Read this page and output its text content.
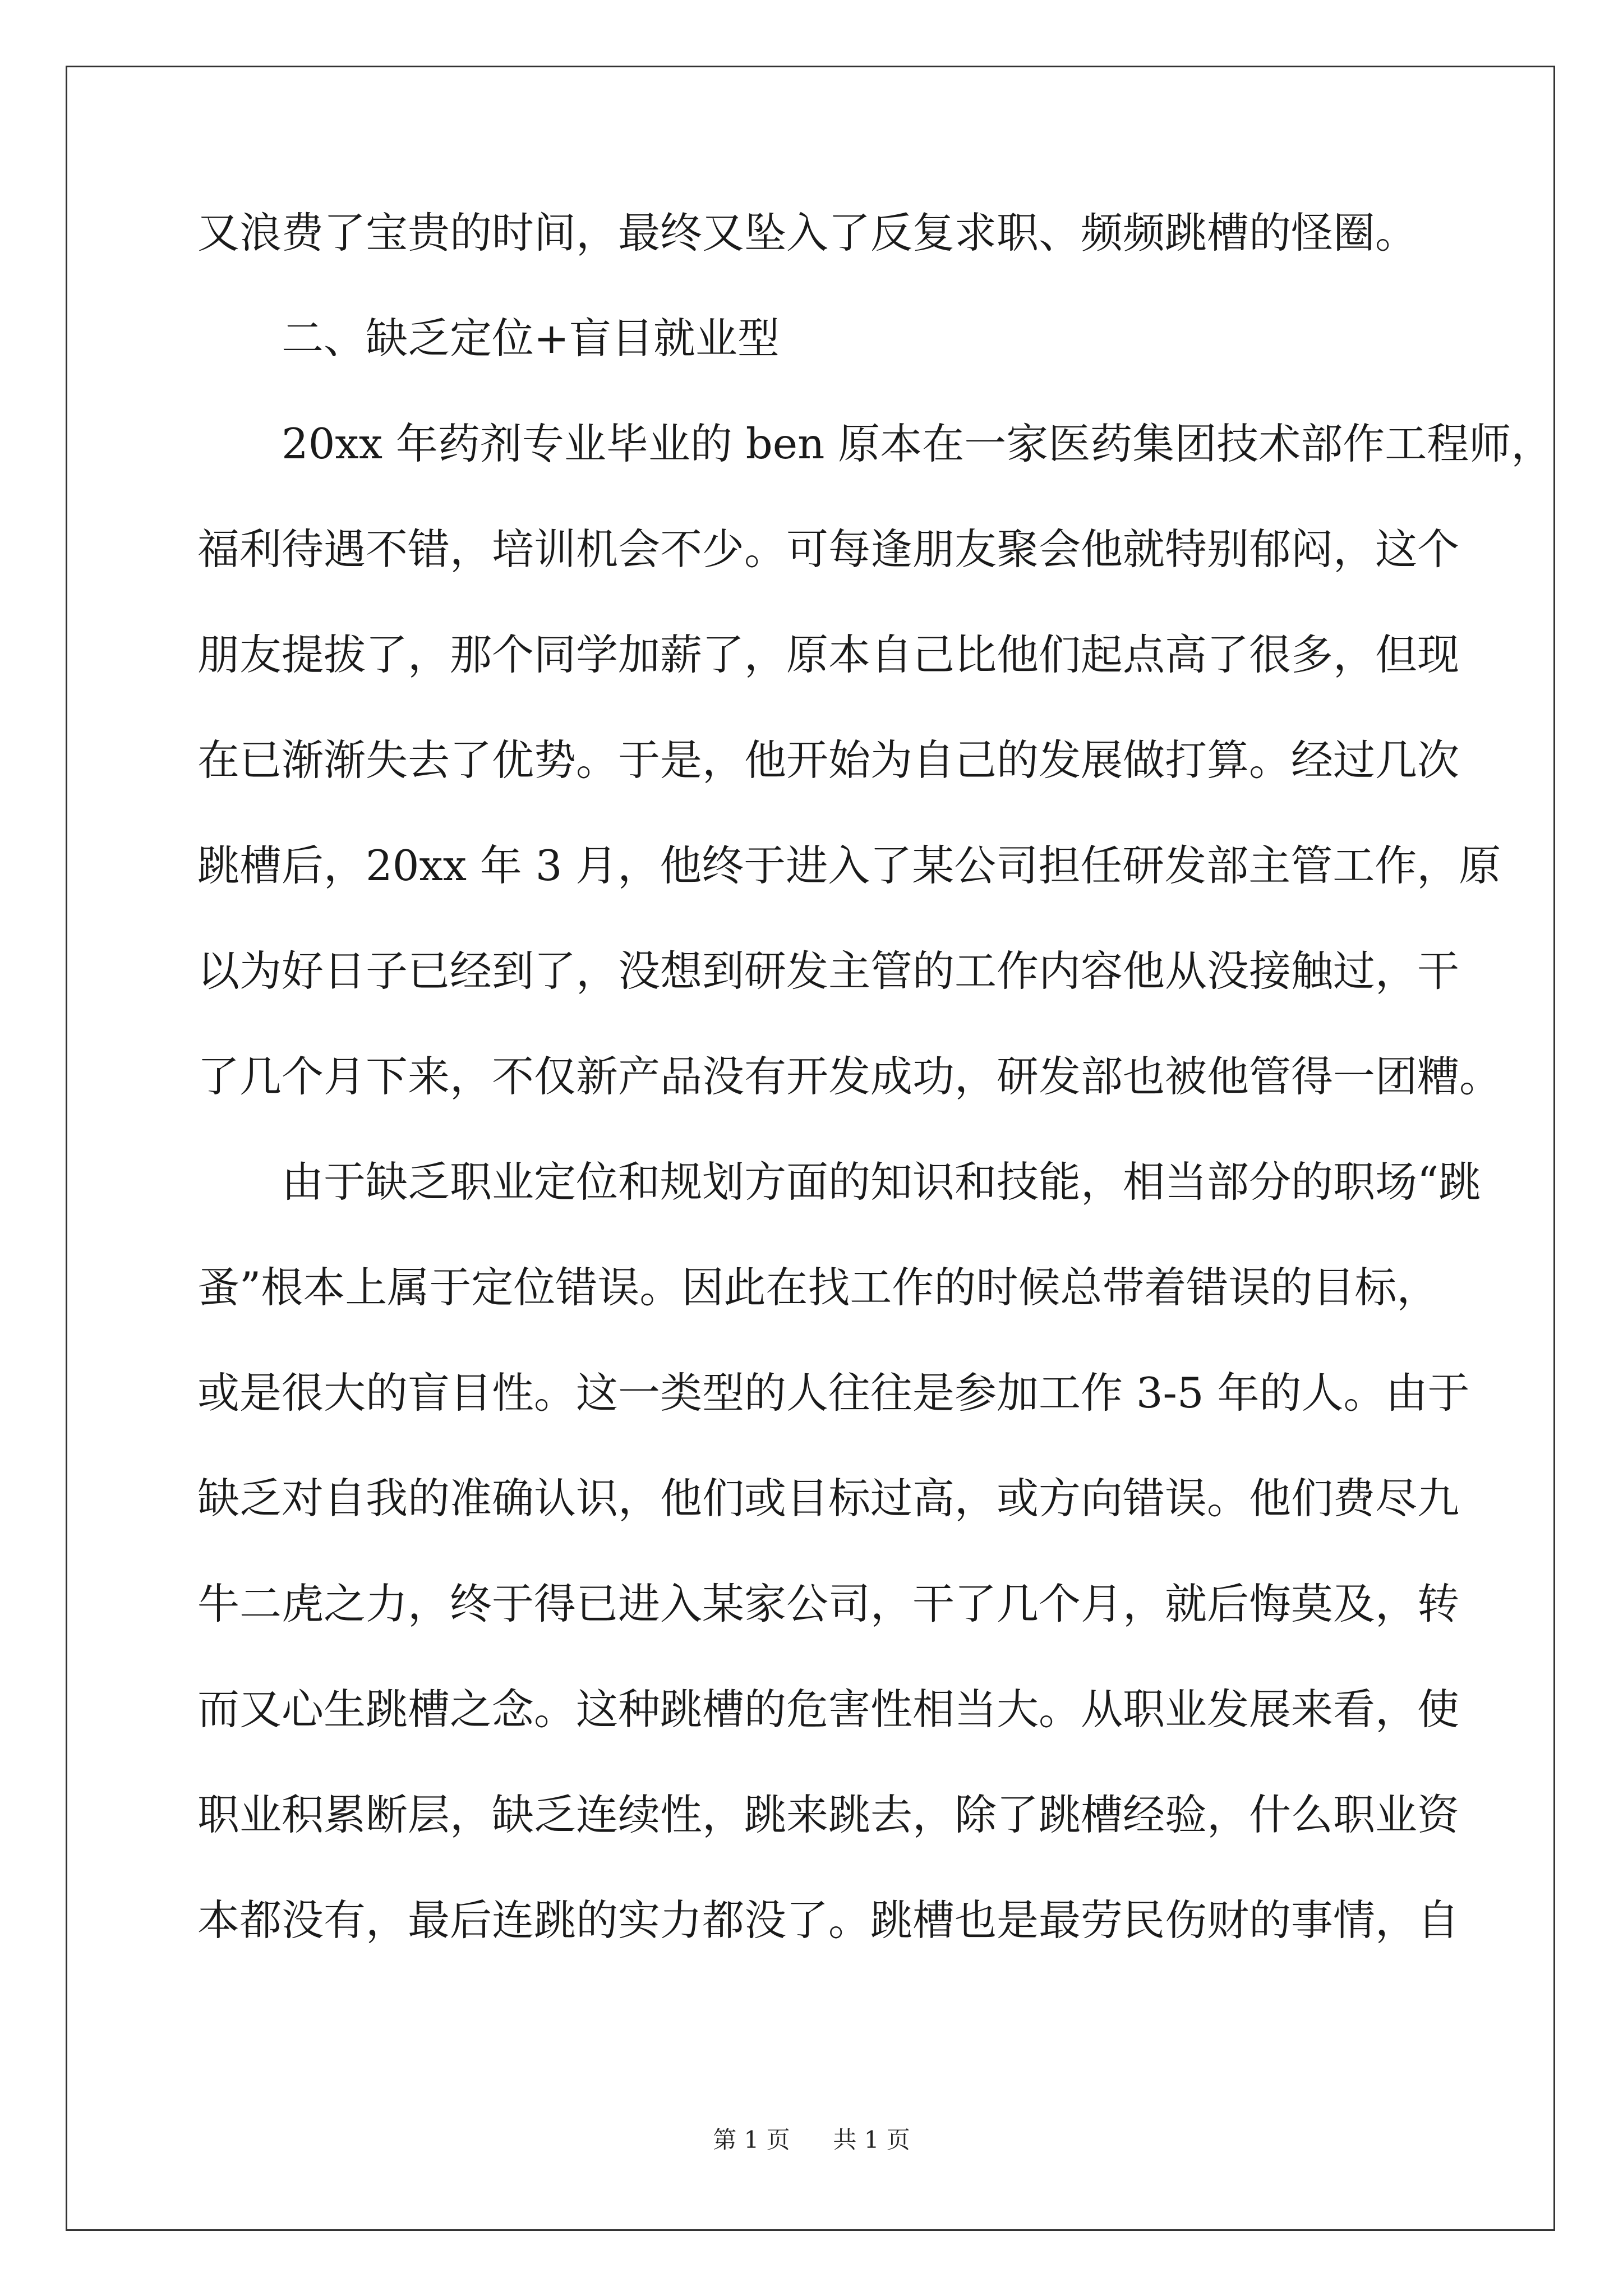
又浪费了宝贵的时间，最终又坠入了反复求职、频频跳槽的怪圈。
二、缺乏定位+盲目就业型
20xx 年药剂专业毕业的 ben 原本在一家医药集团技术部作工程师，
福利待遇不错，培训机会不少。可每逢朋友聚会他就特别郁闷，这个
朋友提拔了，那个同学加薪了，原本自己比他们起点高了很多，但现
在已渐渐失去了优势。于是，他开始为自己的发展做打算。经过几次
跳槽后，20xx 年 3 月，他终于进入了某公司担任研发部主管工作，原
以为好日子已经到了，没想到研发主管的工作内容他从没接触过，干
了几个月下来，不仅新产品没有开发成功，研发部也被他管得一团糟。
由于缺乏职业定位和规划方面的知识和技能，相当部分的职场“跳
蚤”根本上属于定位错误。因此在找工作的时候总带着错误的目标，
或是很大的盲目性。这一类型的人往往是参加工作 3-5 年的人。由于
缺乏对自我的准确认识，他们或目标过高，或方向错误。他们费尽九
牛二虎之力，终于得已进入某家公司，干了几个月，就后悔莫及，转
而又心生跳槽之念。这种跳槽的危害性相当大。从职业发展来看，使
职业积累断层，缺乏连续性，跳来跳去，除了跳槽经验，什么职业资
本都没有，最后连跳的实力都没了。跳槽也是最劳民伤财的事情，自
第 1 页 共 1 页
